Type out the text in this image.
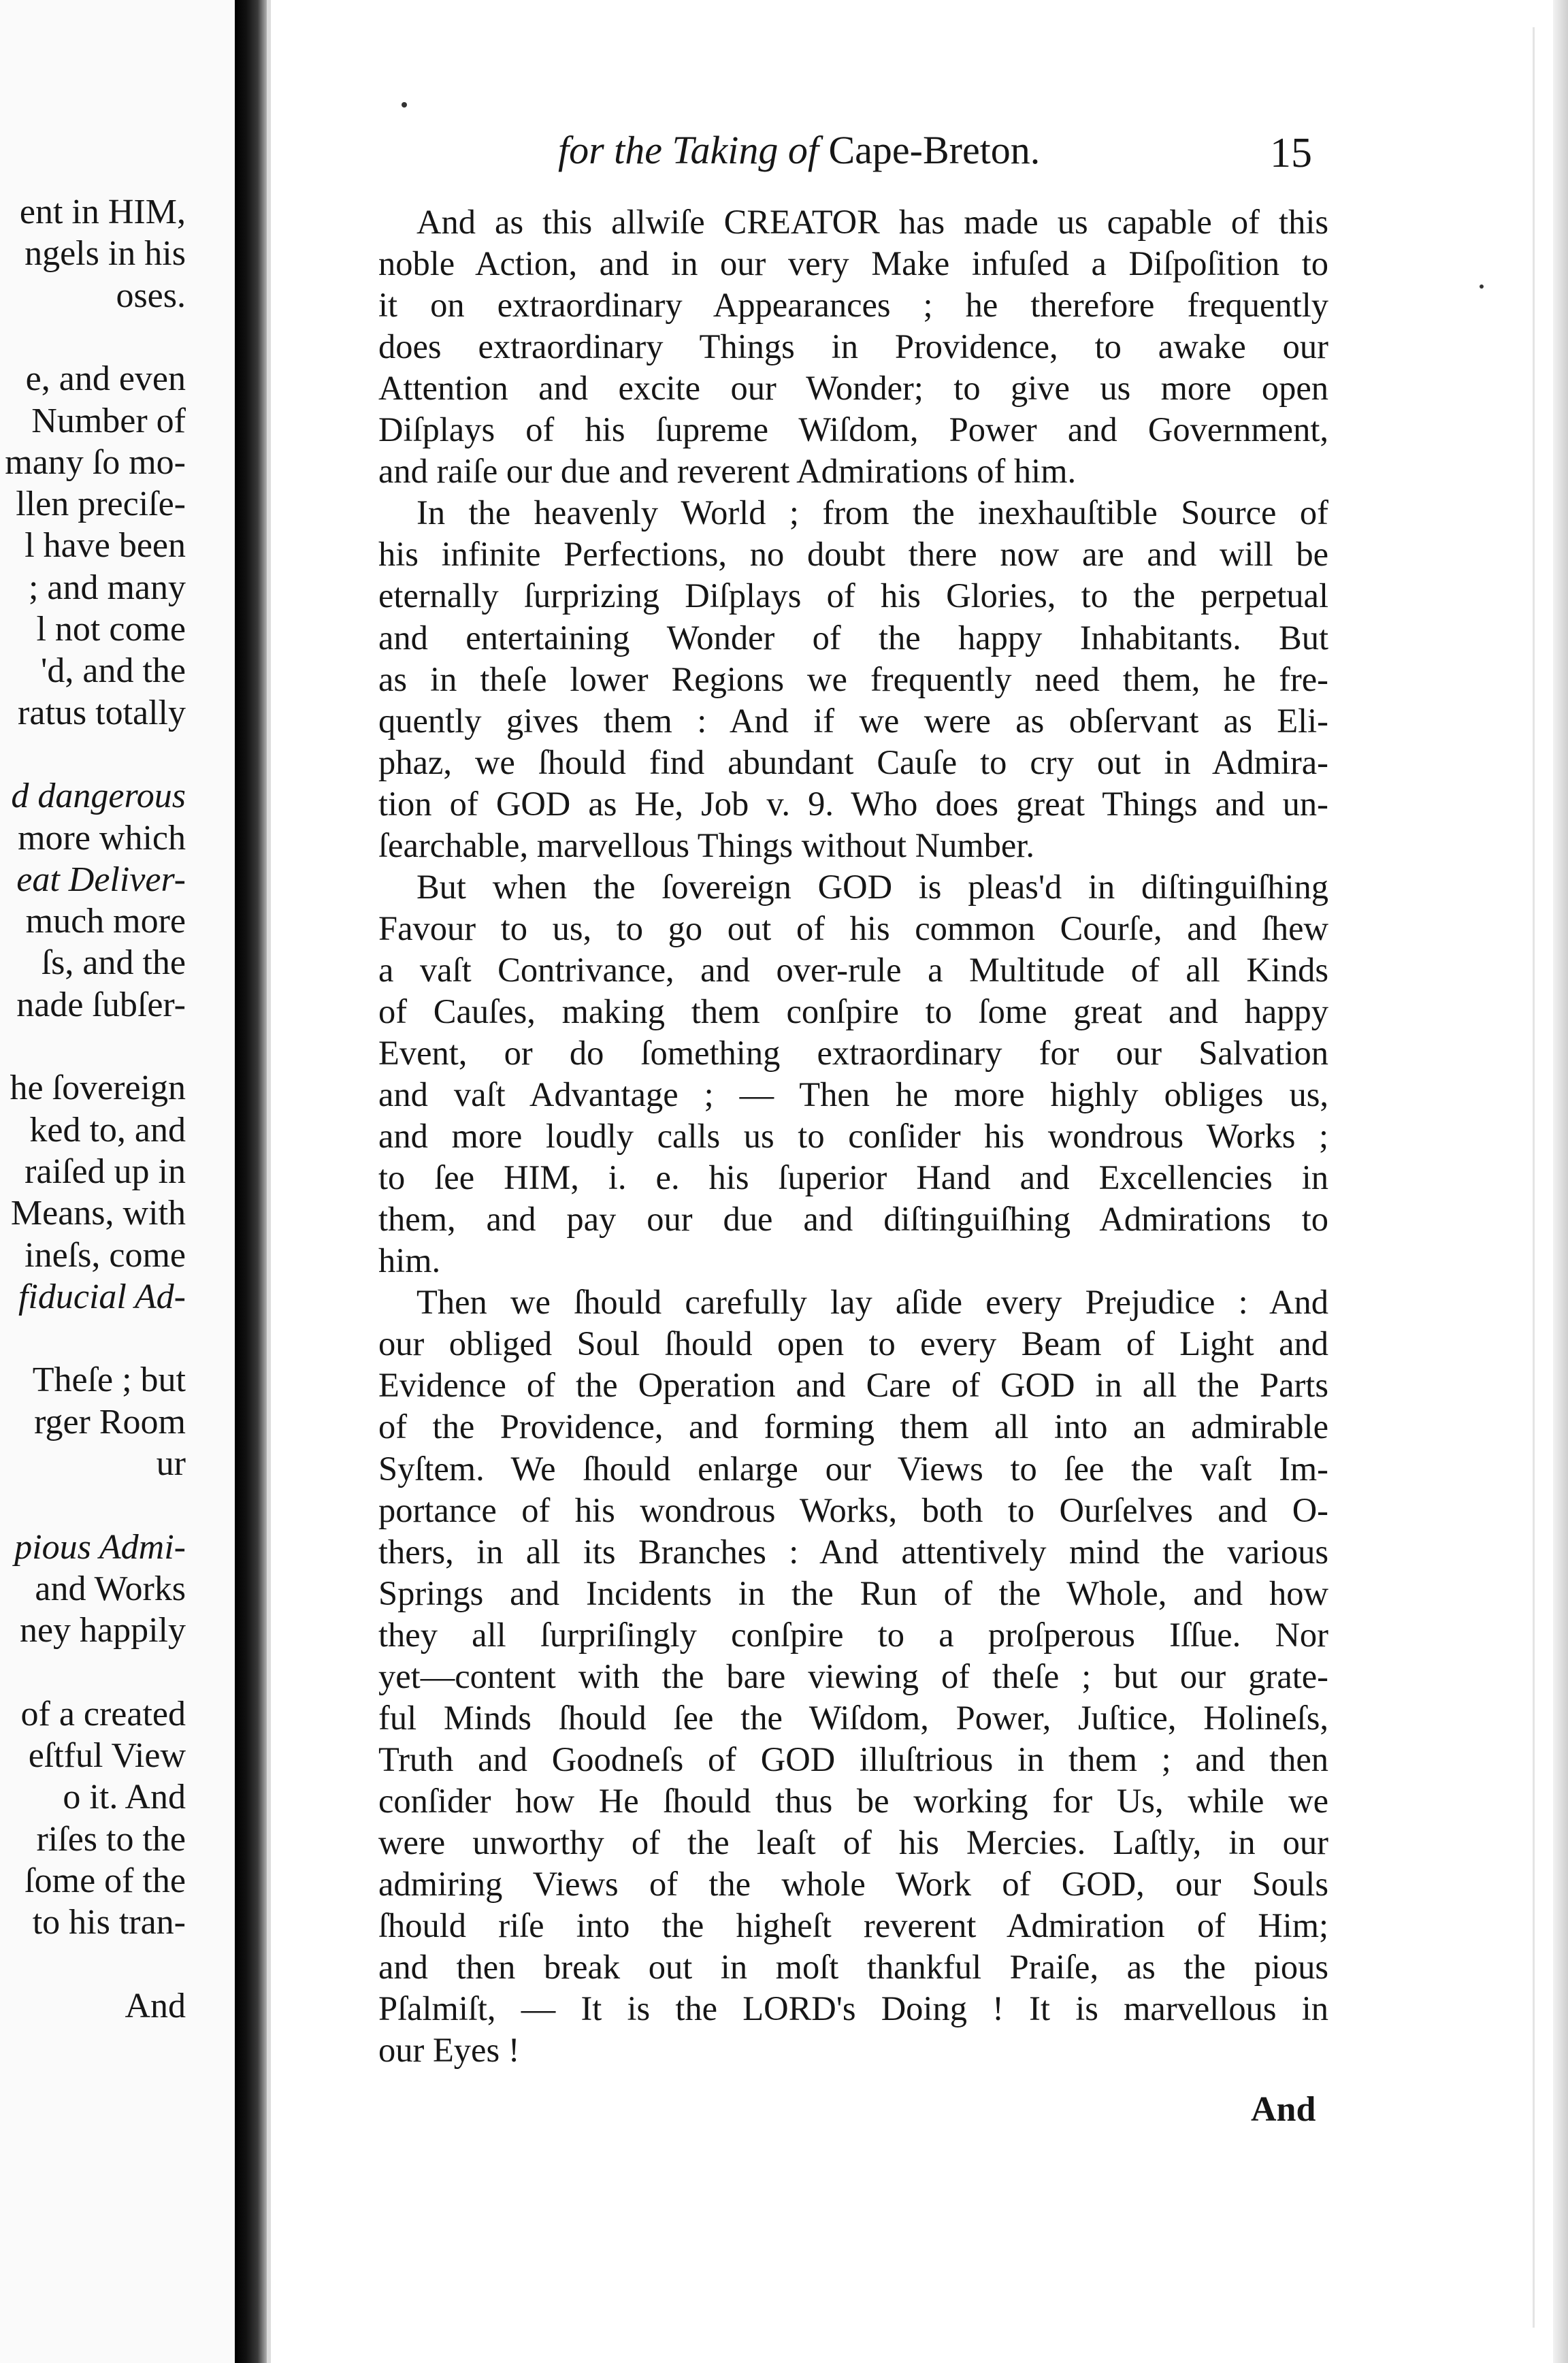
ent in HIM,
ngels in his
oses.
e, and even
Number of
many ſo mo-
llen preciſe-
l have been
; and many
l not come
'd, and the
ratus totally
d dangerous
more which
eat Deliver-
much more
ſs, and the
nade ſubſer-
he ſovereign
ked to, and
raiſed up in
Means, with
ineſs, come
fiducial Ad-
Theſe ; but
rger Room
ur
pious Admi-
and Works
ney happily
of a created
eſtful View
o it. And
riſes to the
ſome of the
to his tran-
And
for the Taking of Cape-Breton.	15
And as this allwiſe CREATOR has made us capable of this
noble Action, and in our very Make infuſed a Diſpoſition to
it on extraordinary Appearances ; he therefore frequently
does extraordinary Things in Providence, to awake our
Attention and excite our Wonder; to give us more open
Diſplays of his ſupreme Wiſdom, Power and Government,
and raiſe our due and reverent Admirations of him.
In the heavenly World ; from the inexhauſtible Source of
his infinite Perfections, no doubt there now are and will be
eternally ſurprizing Diſplays of his Glories, to the perpetual
and entertaining Wonder of the happy Inhabitants. But
as in theſe lower Regions we frequently need them, he fre-
quently gives them : And if we were as obſervant as Eli-
phaz, we ſhould find abundant Cauſe to cry out in Admira-
tion of GOD as He, Job v. 9. Who does great Things and un-
ſearchable, marvellous Things without Number.
But when the ſovereign GOD is pleas'd in diſtinguiſhing
Favour to us, to go out of his common Courſe, and ſhew
a vaſt Contrivance, and over-rule a Multitude of all Kinds
of Cauſes, making them conſpire to ſome great and happy
Event, or do ſomething extraordinary for our Salvation
and vaſt Advantage ; — Then he more highly obliges us,
and more loudly calls us to conſider his wondrous Works ;
to ſee HIM, i. e. his ſuperior Hand and Excellencies in
them, and pay our due and diſtinguiſhing Admirations to
him.
Then we ſhould carefully lay aſide every Prejudice : And
our obliged Soul ſhould open to every Beam of Light and
Evidence of the Operation and Care of GOD in all the Parts
of the Providence, and forming them all into an admirable
Syſtem. We ſhould enlarge our Views to ſee the vaſt Im-
portance of his wondrous Works, both to Ourſelves and O-
thers, in all its Branches : And attentively mind the various
Springs and Incidents in the Run of the Whole, and how
they all ſurpriſingly conſpire to a proſperous Iſſue. Nor
yet—content with the bare viewing of theſe ; but our grate-
ful Minds ſhould ſee the Wiſdom, Power, Juſtice, Holineſs,
Truth and Goodneſs of GOD illuſtrious in them ; and then
conſider how He ſhould thus be working for Us, while we
were unworthy of the leaſt of his Mercies. Laſtly, in our
admiring Views of the whole Work of GOD, our Souls
ſhould riſe into the higheſt reverent Admiration of Him;
and then break out in moſt thankful Praiſe, as the pious
Pſalmiſt, — It is the LORD's Doing ! It is marvellous in
our Eyes !
And
